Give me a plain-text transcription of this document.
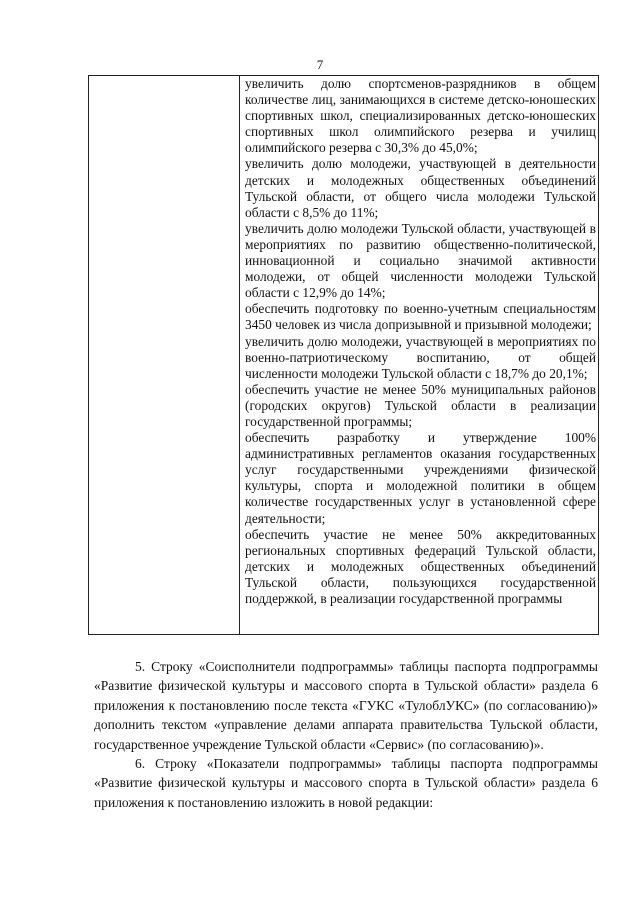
7

увеличить долю спортсменов-разрядников в общем количестве лиц, занимающихся в системе детско-юношеских спортивных школ, специализированных детско-юношеских спортивных школ олимпийского резерва и училищ олимпийского резерва с 30,3% до 45,0%;

увеличить долю молодежи, участвующей в деятельности детских и молодежных общественных объединений Тульской области, от общего числа молодежи Тульской области с 8,5% до 11%;

увеличить долю молодежи Тульской области, участвующей в мероприятиях по развитию общественно-политической, инновационной и социально значимой активности молодежи, от общей численности молодежи Тульской области с 12,9% до 14%;

обеспечить подготовку по военно-учетным специальностям 3450 человек из числа допризывной и призывной молодежи;

увеличить долю молодежи, участвующей в мероприятиях по военно-патриотическому воспитанию, от общей численности молодежи Тульской области с 18,7% до 20,1%;

обеспечить участие не менее 50% муниципальных районов (городских округов) Тульской области в реализации государственной программы;

обеспечить разработку и утверждение 100% административных регламентов оказания государственных услуг государственными учреждениями физической культуры, спорта и молодежной политики в общем количестве государственных услуг в установленной сфере деятельности;

обеспечить участие не менее 50% аккредитованных региональных спортивных федераций Тульской области, детских и молодежных общественных объединений Тульской области, пользующихся государственной поддержкой, в реализации государственной программы

5. Строку «Соисполнители подпрограммы» таблицы паспорта подпрограммы «Развитие физической культуры и массового спорта в Тульской области» раздела 6 приложения к постановлению после текста «ГУКС «ТулоблУКС» (по согласованию)» дополнить текстом «управление делами аппарата правительства Тульской области, государственное учреждение Тульской области «Сервис» (по согласованию)».

6. Строку «Показатели подпрограммы» таблицы паспорта подпрограммы «Развитие физической культуры и массового спорта в Тульской области» раздела 6 приложения к постановлению изложить в новой редакции:
